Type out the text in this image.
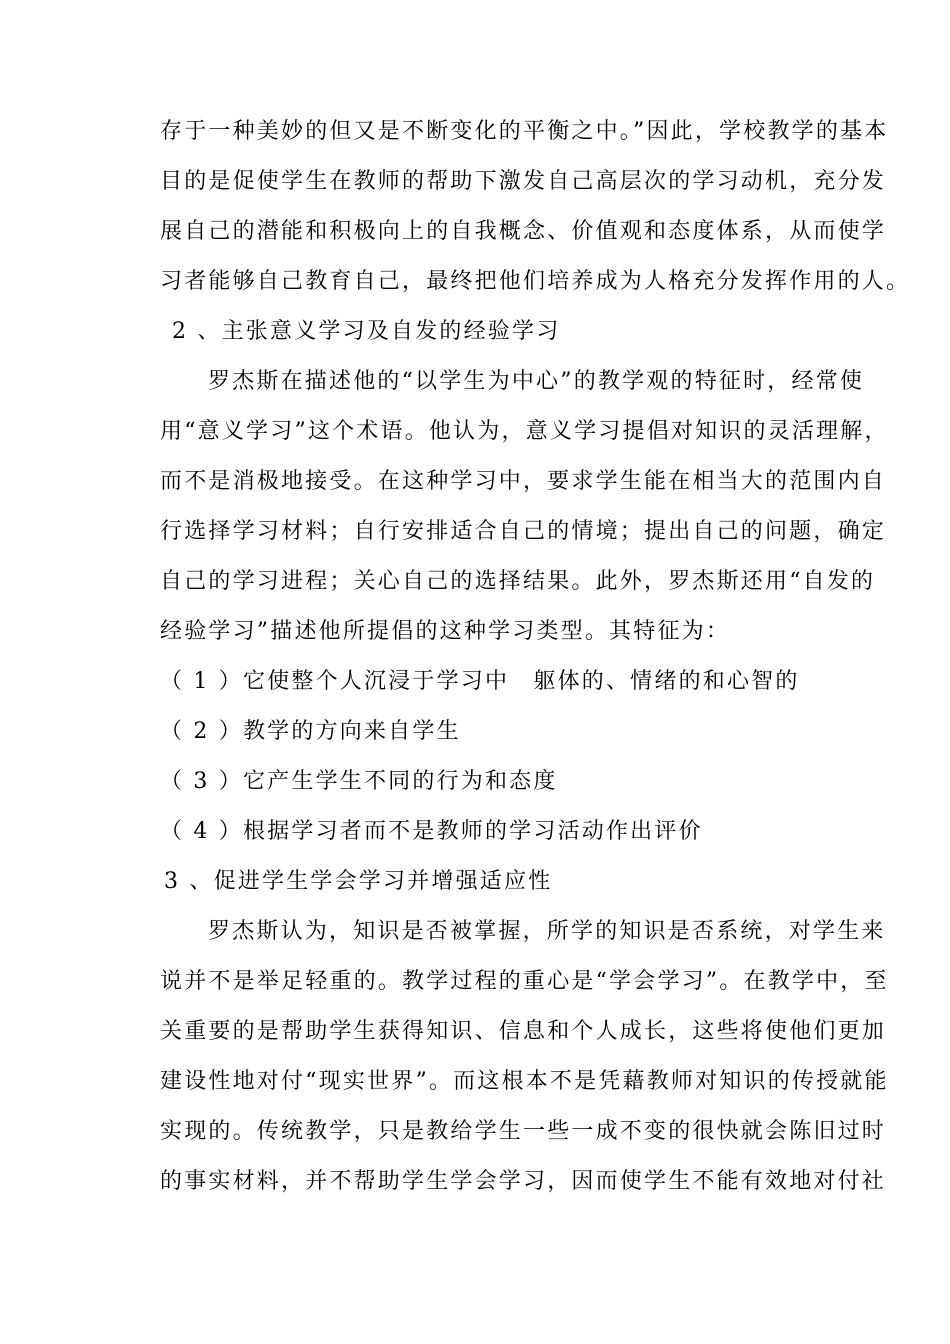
存于一种美妙的但又是不断变化的平衡之中。”因此，学校教学的基本
目的是促使学生在教师的帮助下激发自己高层次的学习动机，充分发
展自己的潜能和积极向上的自我概念、价值观和态度体系，从而使学
习者能够自己教育自己，最终把他们培养成为人格充分发挥作用的人。
2 、主张意义学习及自发的经验学习
罗杰斯在描述他的“以学生为中心”的教学观的特征时，经常使
用“意义学习”这个术语。他认为，意义学习提倡对知识的灵活理解，
而不是消极地接受。在这种学习中，要求学生能在相当大的范围内自
行选择学习材料；自行安排适合自己的情境；提出自己的问题，确定
自己的学习进程；关心自己的选择结果。此外，罗杰斯还用“自发的
经验学习”描述他所提倡的这种学习类型。其特征为：
（ 1 ）它使整个人沉浸于学习中　躯体的、情绪的和心智的
（ 2 ）教学的方向来自学生
（ 3 ）它产生学生不同的行为和态度
（ 4 ）根据学习者而不是教师的学习活动作出评价
3 、促进学生学会学习并增强适应性
罗杰斯认为，知识是否被掌握，所学的知识是否系统，对学生来
说并不是举足轻重的。教学过程的重心是“学会学习”。在教学中，至
关重要的是帮助学生获得知识、信息和个人成长，这些将使他们更加
建设性地对付“现实世界”。而这根本不是凭藉教师对知识的传授就能
实现的。传统教学，只是教给学生一些一成不变的很快就会陈旧过时
的事实材料，并不帮助学生学会学习，因而使学生不能有效地对付社
